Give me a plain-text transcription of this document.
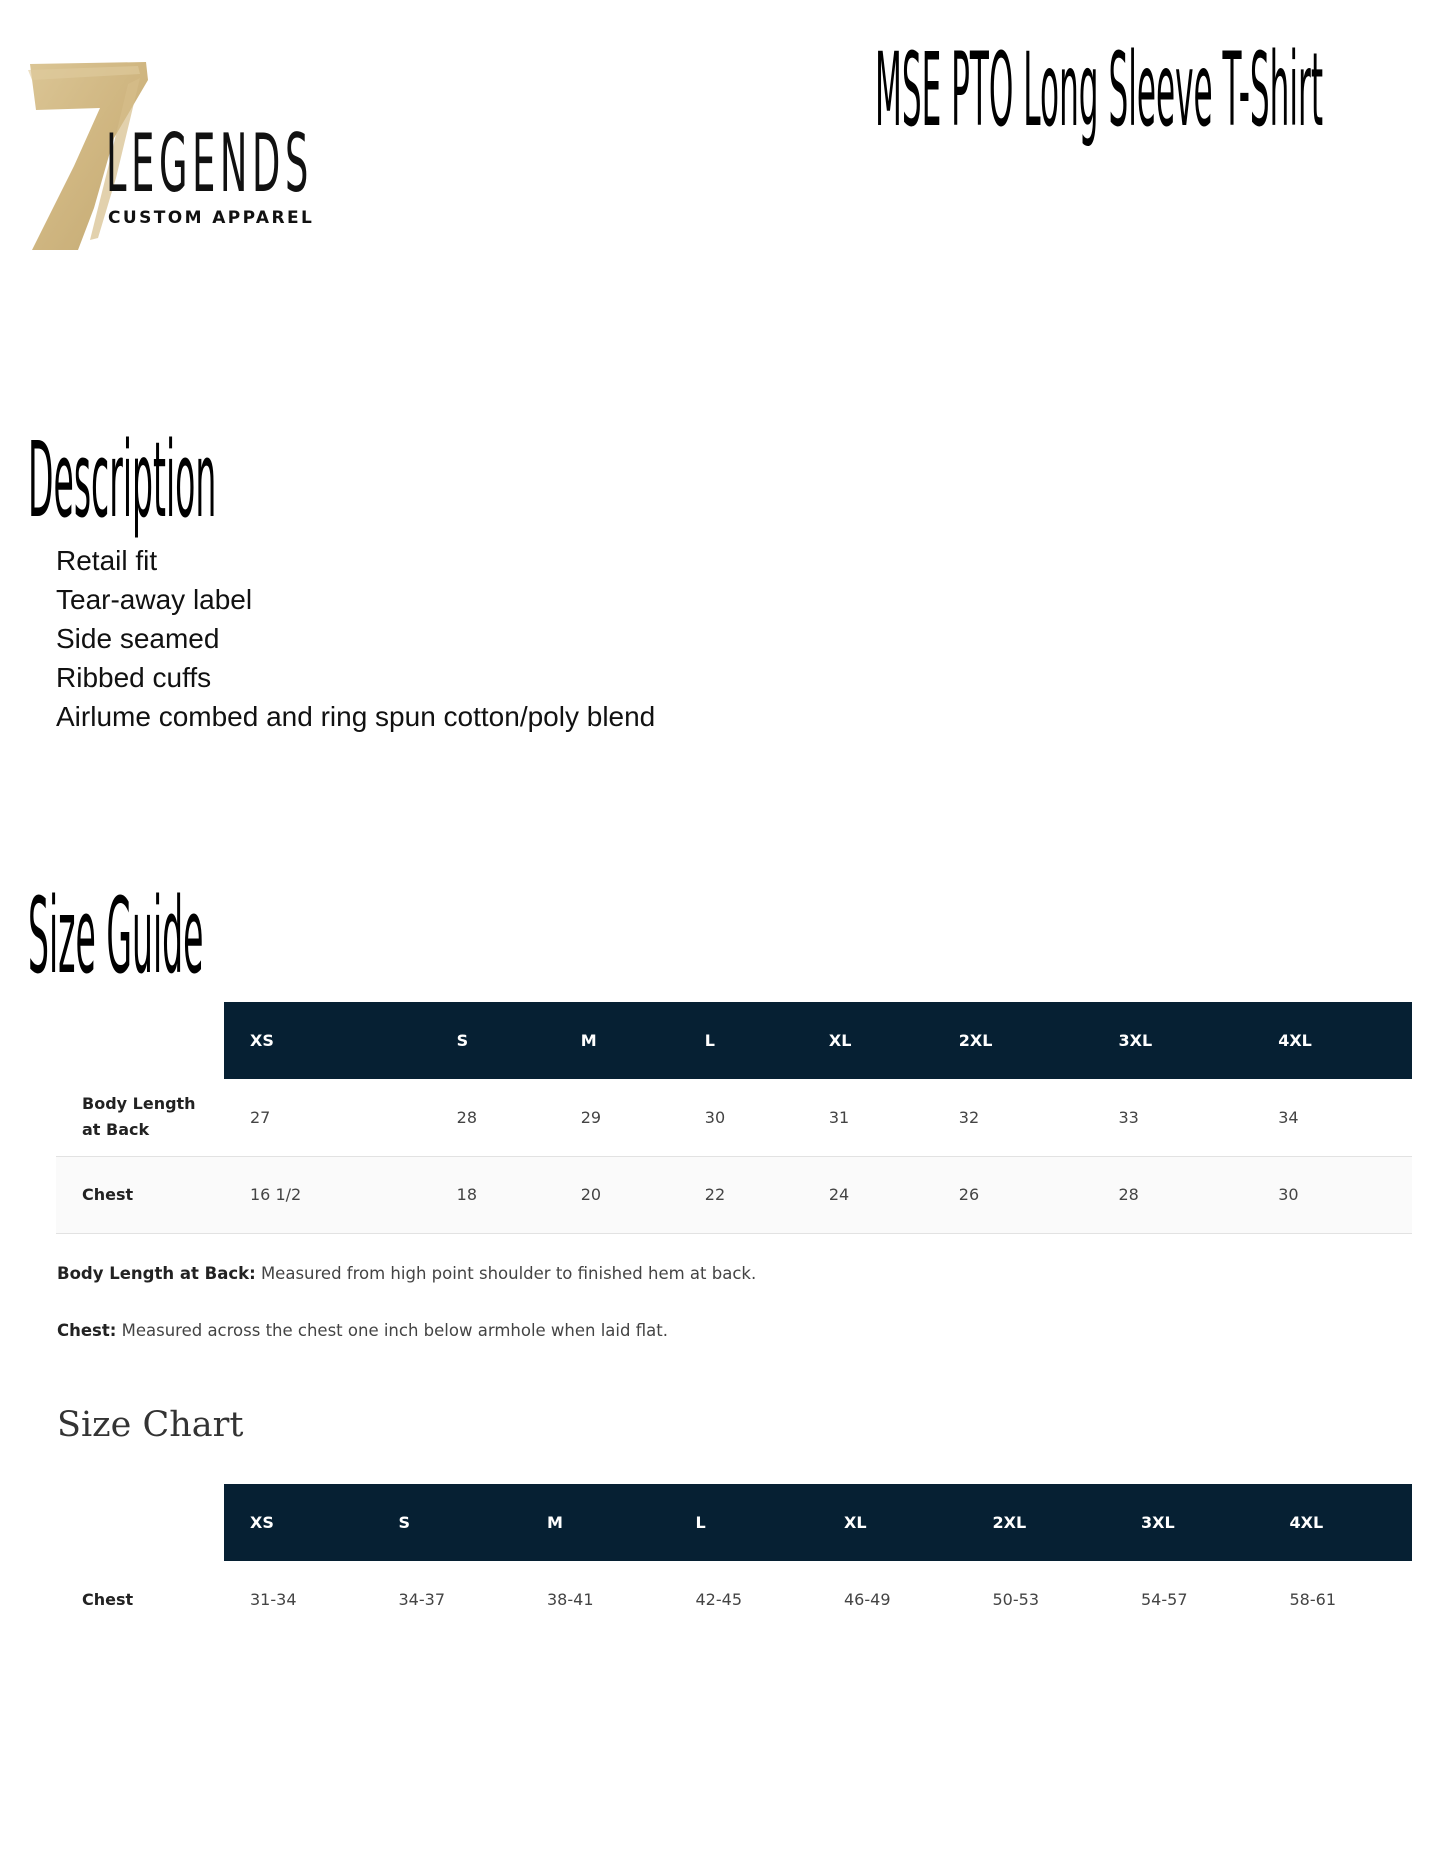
LEGENDS
CUSTOM APPAREL
MSE PTO Long Sleeve T-Shirt
Description
Retail fit
Tear-away label
Side seamed
Ribbed cuffs
Airlume combed and ring spun cotton/poly blend
Size Guide
	XS	S	M	L	XL	2XL	3XL	4XL
Body Length
at Back	27	28	29	30	31	32	33	34
Chest	16 1/2	18	20	22	24	26	28	30
Body Length at Back: Measured from high point shoulder to finished hem at back.
Chest: Measured across the chest one inch below armhole when laid flat.
Size Chart
	XS	S	M	L	XL	2XL	3XL	4XL
Chest	31-34	34-37	38-41	42-45	46-49	50-53	54-57	58-61
